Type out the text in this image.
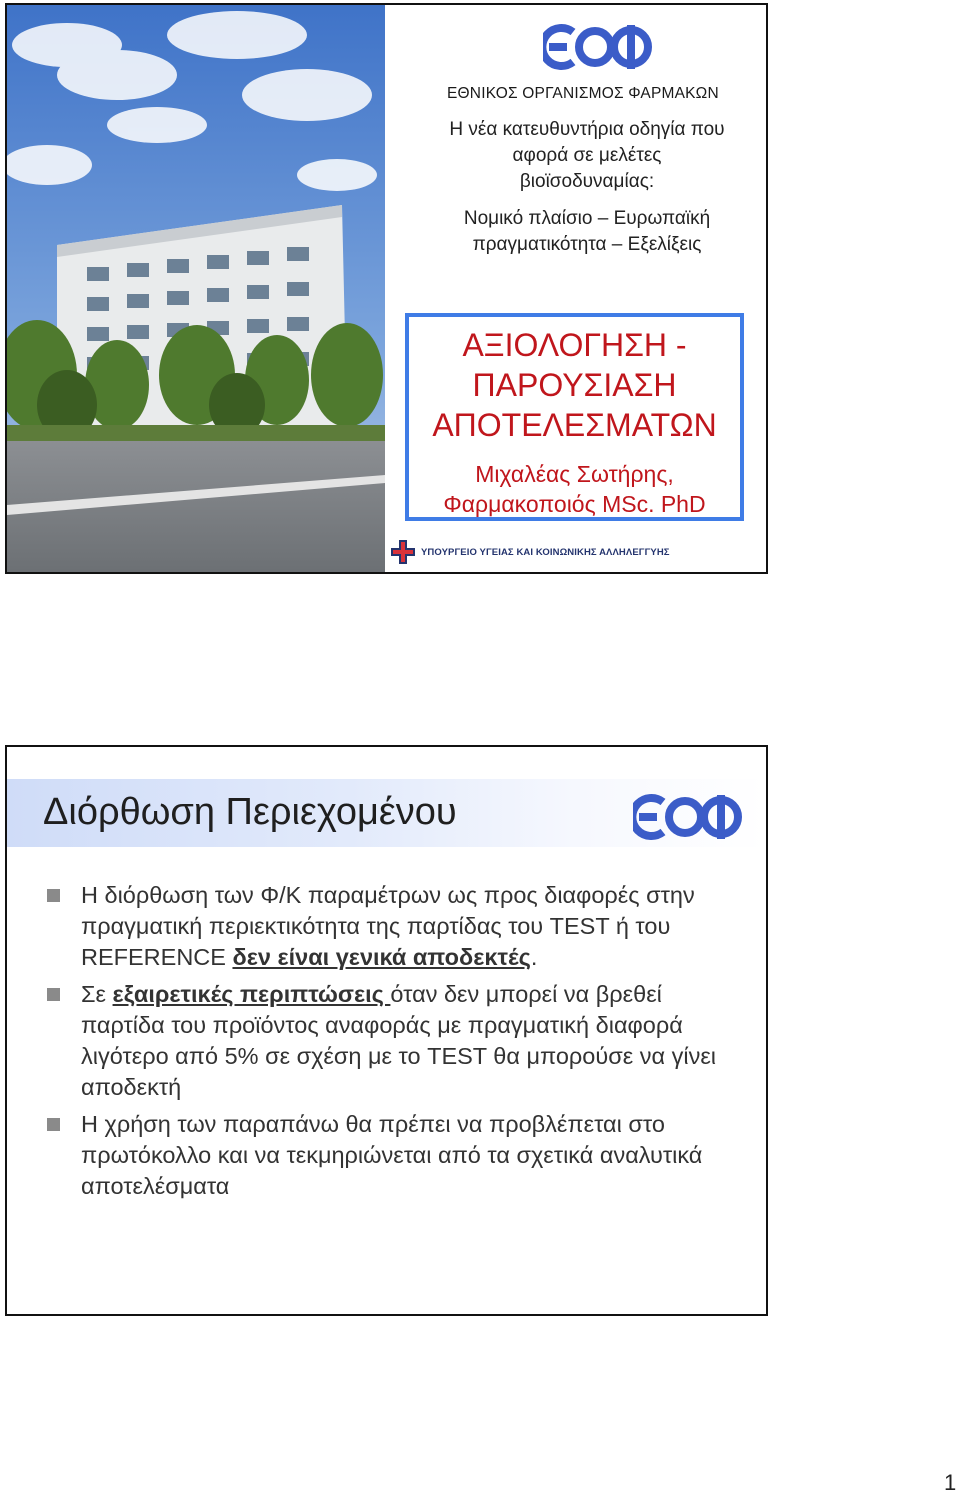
ΕΘΝΙΚΟΣ ΟΡΓΑΝΙΣΜΟΣ ΦΑΡΜΑΚΩΝ
Η νέα κατευθυντήρια οδηγία που
αφορά σε μελέτες
βιοϊσοδυναμίας:
Νομικό πλαίσιο – Ευρωπαϊκή
πραγματικότητα – Εξελίξεις
ΑΞΙΟΛΟΓΗΣΗ -
ΠΑΡΟΥΣΙΑΣΗ
ΑΠΟΤΕΛΕΣΜΑΤΩΝ
Μιχαλέας Σωτήρης,
Φαρμακοποιός MSc. PhD
ΥΠΟΥΡΓΕΙΟ ΥΓΕΙΑΣ ΚΑΙ ΚΟΙΝΩΝΙΚΗΣ ΑΛΛΗΛΕΓΓΥΗΣ
Διόρθωση Περιεχομένου
Η διόρθωση των Φ/Κ παραμέτρων ως προς διαφορές στην πραγματική περιεκτικότητα της παρτίδας του TEST ή του REFERENCE δεν είναι γενικά αποδεκτές.
Σε εξαιρετικές περιπτώσεις όταν δεν μπορεί να βρεθεί παρτίδα του προϊόντος αναφοράς με πραγματική διαφορά λιγότερο από 5% σε σχέση με το TEST θα μπορούσε να γίνει αποδεκτή
Η χρήση των παραπάνω θα πρέπει να προβλέπεται στο πρωτόκολλο και να τεκμηριώνεται από τα σχετικά αναλυτικά αποτελέσματα
1
